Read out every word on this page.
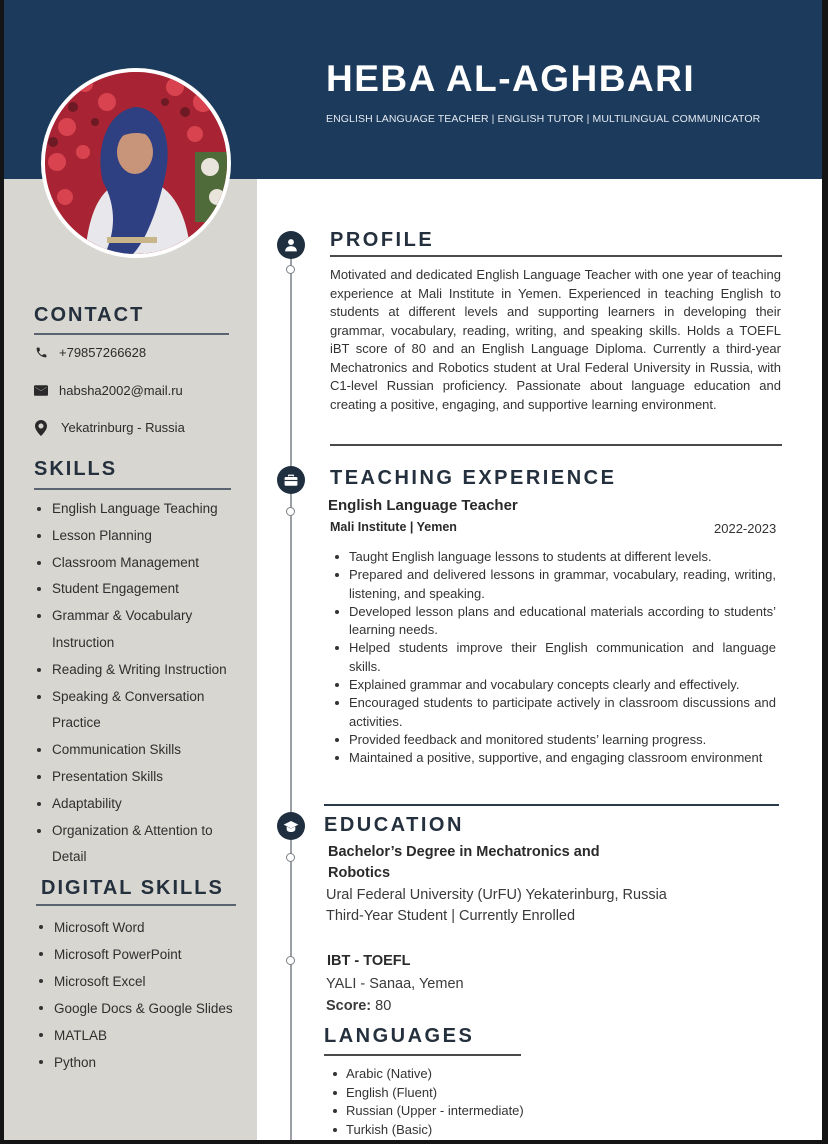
HEBA AL-AGHBARI
ENGLISH LANGUAGE TEACHER | ENGLISH TUTOR | MULTILINGUAL COMMUNICATOR
CONTACT
+79857266628
habsha2002@mail.ru
Yekatrinburg - Russia
SKILLS
English Language Teaching
Lesson Planning
Classroom Management
Student Engagement
Grammar & Vocabulary
Instruction
Reading & Writing Instruction
Speaking & Conversation
Practice
Communication Skills
Presentation Skills
Adaptability
Organization & Attention to
Detail
DIGITAL SKILLS
Microsoft Word
Microsoft PowerPoint
Microsoft Excel
Google Docs & Google Slides
MATLAB
Python
PROFILE

Motivated and dedicated English Language Teacher with one year of teaching experience at Mali Institute in Yemen. Experienced in teaching English to students at different levels and supporting learners in developing their grammar, vocabulary, reading, writing, and speaking skills. Holds a TOEFL iBT score of 80 and an English Language Diploma. Currently a third-year Mechatronics and Robotics student at Ural Federal University in Russia, with C1-level Russian proficiency. Passionate about language education and creating a positive, engaging, and supportive learning environment.

TEACHING EXPERIENCE
English Language Teacher
Mali Institute | Yemen	2022-2023
Taught English language lessons to students at different levels.
Prepared and delivered lessons in grammar, vocabulary, reading, writing, listening, and speaking.
Developed lesson plans and educational materials according to students’ learning needs.
Helped students improve their English communication and language skills.
Explained grammar and vocabulary concepts clearly and effectively.
Encouraged students to participate actively in classroom discussions and activities.
Provided feedback and monitored students’ learning progress.
Maintained a positive, supportive, and engaging classroom environment
EDUCATION
Bachelor’s Degree in Mechatronics and Robotics
Ural Federal University (UrFU) Yekaterinburg, Russia
Third-Year Student | Currently Enrolled
IBT - TOEFL
YALI - Sanaa, Yemen
Score: 80
LANGUAGES
Arabic (Native)
English (Fluent)
Russian (Upper - intermediate)
Turkish (Basic)
